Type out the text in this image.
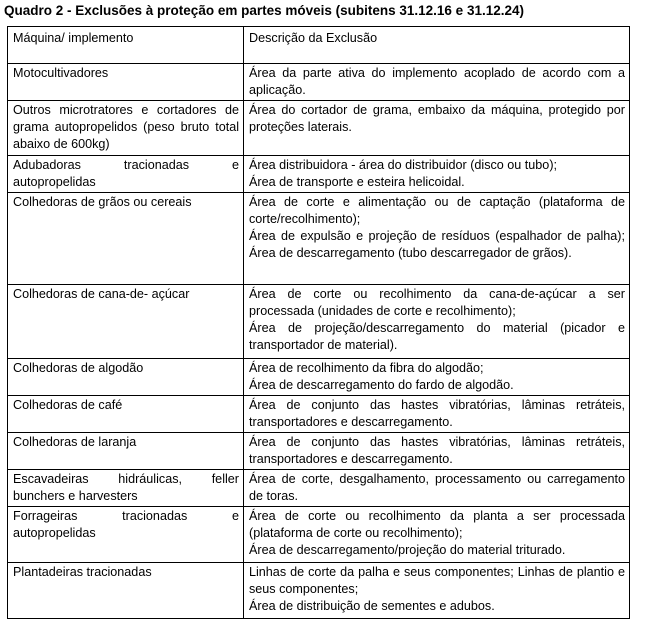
Quadro 2 - Exclusões à proteção em partes móveis (subitens 31.12.16 e 31.12.24)
Máquina/ implemento	Descrição da Exclusão
Motocultivadores	Área da parte ativa do implemento acoplado de acordo com a aplicação.

Outros microtratores e cortadores de grama autopropelidos (peso bruto total abaixo de 600kg)	Área do cortador de grama, embaixo da máquina, protegido por proteções laterais.

Adubadoras tracionadas e autopropelidas	Área distribuidora - área do distribuidor (disco ou tubo);
Área de transporte e esteira helicoidal.

Colhedoras de grãos ou cereais	Área de corte e alimentação ou de captação (plataforma de corte/recolhimento);
Área de expulsão e projeção de resíduos (espalhador de palha); Área de descarregamento (tubo descarregador de grãos).

Colhedoras de cana-de- açúcar	Área de corte ou recolhimento da cana-de-açúcar a ser processada (unidades de corte e recolhimento);
Área de projeção/descarregamento do material (picador e transportador de material).

Colhedoras de algodão	Área de recolhimento da fibra do algodão;
Área de descarregamento do fardo de algodão.

Colhedoras de café	Área de conjunto das hastes vibratórias, lâminas retráteis, transportadores e descarregamento.

Colhedoras de laranja	Área de conjunto das hastes vibratórias, lâminas retráteis, transportadores e descarregamento.

Escavadeiras hidráulicas, feller bunchers e harvesters	Área de corte, desgalhamento, processamento ou carregamento de toras.

Forrageiras tracionadas e autopropelidas	Área de corte ou recolhimento da planta a ser processada (plataforma de corte ou recolhimento);
Área de descarregamento/projeção do material triturado.

Plantadeiras tracionadas	Linhas de corte da palha e seus componentes; Linhas de plantio e seus componentes;
Área de distribuição de sementes e adubos.
